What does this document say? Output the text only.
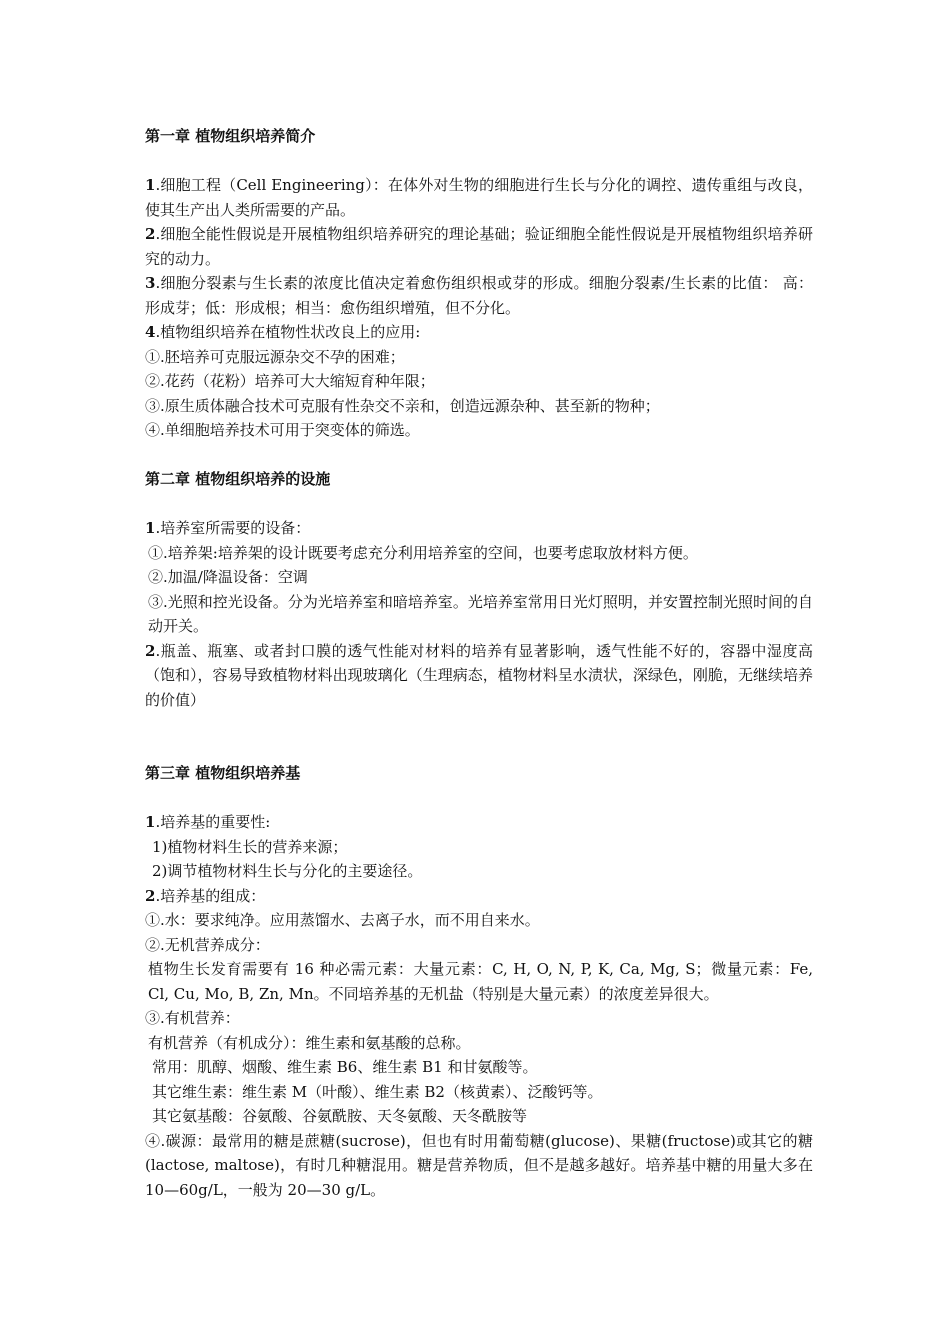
第一章 植物组织培养简介

1.细胞工程（Cell Engineering）：在体外对生物的细胞进行生长与分化的调控、遗传重组与改良，使其生产出人类所需要的产品。

2.细胞全能性假说是开展植物组织培养研究的理论基础；验证细胞全能性假说是开展植物组织培养研究的动力。

3.细胞分裂素与生长素的浓度比值决定着愈伤组织根或芽的形成。细胞分裂素/生长素的比值： 高：形成芽；低：形成根；相当：愈伤组织增殖，但不分化。

4.植物组织培养在植物性状改良上的应用:

①.胚培养可克服远源杂交不孕的困难；

②.花药（花粉）培养可大大缩短育种年限；

③.原生质体融合技术可克服有性杂交不亲和，创造远源杂种、甚至新的物种；

④.单细胞培养技术可用于突变体的筛选。

第二章 植物组织培养的设施

1.培养室所需要的设备：

①.培养架:培养架的设计既要考虑充分利用培养室的空间，也要考虑取放材料方便。

②.加温/降温设备：空调

③.光照和控光设备。分为光培养室和暗培养室。光培养室常用日光灯照明，并安置控制光照时间的自动开关。

2.瓶盖、瓶塞、或者封口膜的透气性能对材料的培养有显著影响，透气性能不好的，容器中湿度高（饱和），容易导致植物材料出现玻璃化（生理病态，植物材料呈水渍状，深绿色，刚脆，无继续培养的价值）

第三章 植物组织培养基

1.培养基的重要性:

1)植物材料生长的营养来源；

2)调节植物材料生长与分化的主要途径。

2.培养基的组成：

①.水：要求纯净。应用蒸馏水、去离子水，而不用自来水。

②.无机营养成分：

植物生长发育需要有 16 种必需元素：大量元素：C, H, O, N, P, K, Ca, Mg, S；微量元素：Fe, Cl, Cu, Mo, B, Zn, Mn。不同培养基的无机盐（特别是大量元素）的浓度差异很大。

③.有机营养：

有机营养（有机成分）：维生素和氨基酸的总称。

常用：肌醇、烟酸、维生素 B6、维生素 B1 和甘氨酸等。

其它维生素：维生素 M（叶酸）、维生素 B2（核黄素）、泛酸钙等。

其它氨基酸：谷氨酸、谷氨酰胺、天冬氨酸、天冬酰胺等

④.碳源：最常用的糖是蔗糖(sucrose)，但也有时用葡萄糖(glucose)、果糖(fructose)或其它的糖(lactose, maltose)，有时几种糖混用。糖是营养物质，但不是越多越好。培养基中糖的用量大多在 10—60g/L，一般为 20—30 g/L。
